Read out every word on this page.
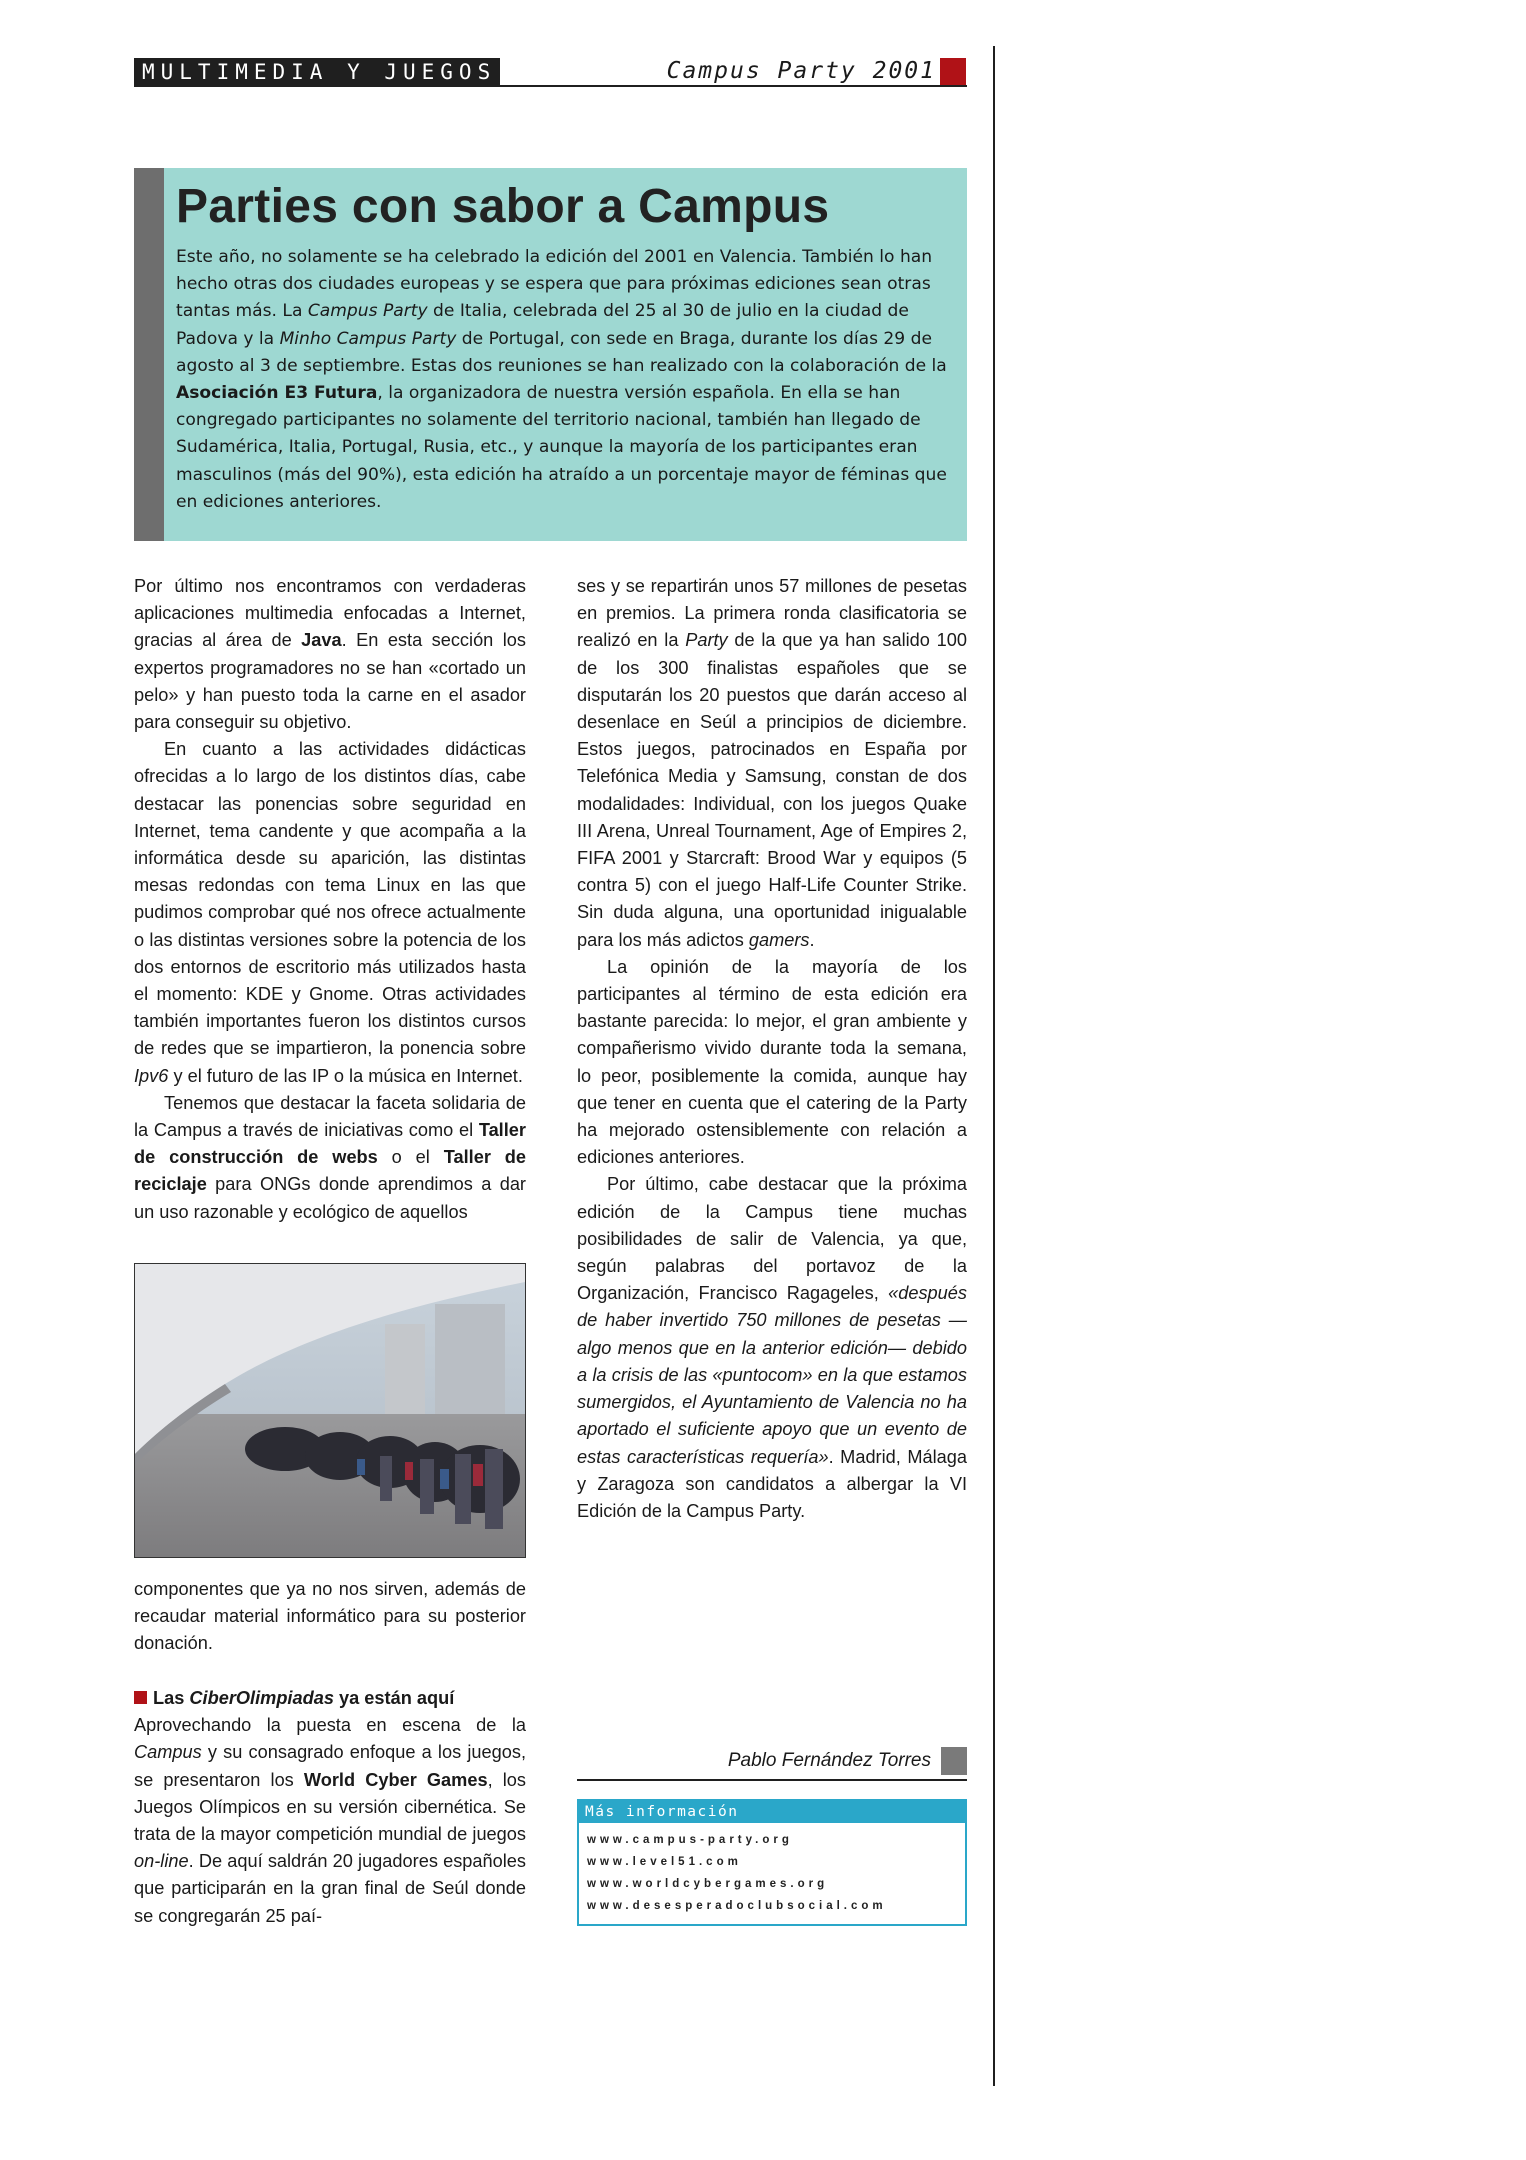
MULTIMEDIA Y JUEGOS	Campus Party 2001
Parties con sabor a Campus

Este año, no solamente se ha celebrado la edición del 2001 en Valencia. También lo han hecho otras dos ciudades europeas y se espera que para próximas ediciones sean otras tantas más. La Campus Party de Italia, celebrada del 25 al 30 de julio en la ciudad de Padova y la Minho Campus Party de Portugal, con sede en Braga, durante los días 29 de agosto al 3 de septiembre. Estas dos reuniones se han realizado con la colaboración de la Asociación E3 Futura, la organizadora de nuestra versión española. En ella se han congregado participantes no solamente del territorio nacional, también han llegado de Sudamérica, Italia, Portugal, Rusia, etc., y aunque la mayoría de los participantes eran masculinos (más del 90%), esta edición ha atraído a un porcentaje mayor de féminas que en ediciones anteriores.

Por último nos encontramos con verdaderas aplicaciones multimedia enfocadas a Internet, gracias al área de Java. En esta sección los expertos programadores no se han «cortado un pelo» y han puesto toda la carne en el asador para conseguir su objetivo.

En cuanto a las actividades didácticas ofrecidas a lo largo de los distintos días, cabe destacar las ponencias sobre seguridad en Internet, tema candente y que acompaña a la informática desde su aparición, las distintas mesas redondas con tema Linux en las que pudimos comprobar qué nos ofrece actualmente o las distintas versiones sobre la potencia de los dos entornos de escritorio más utilizados hasta el momento: KDE y Gnome. Otras actividades también importantes fueron los distintos cursos de redes que se impartieron, la ponencia sobre Ipv6 y el futuro de las IP o la música en Internet.

Tenemos que destacar la faceta solidaria de la Campus a través de iniciativas como el Taller de construcción de webs o el Taller de reciclaje para ONGs donde aprendimos a dar un uso razonable y ecológico de aquellos

componentes que ya no nos sirven, además de recaudar material informático para su posterior donación.

Las CiberOlimpiadas ya están aquí

Aprovechando la puesta en escena de la Campus y su consagrado enfoque a los juegos, se presentaron los World Cyber Games, los Juegos Olímpicos en su versión cibernética. Se trata de la mayor competición mundial de juegos on-line. De aquí saldrán 20 jugadores españoles que participarán en la gran final de Seúl donde se congregarán 25 paí-

ses y se repartirán unos 57 millones de pesetas en premios. La primera ronda clasificatoria se realizó en la Party de la que ya han salido 100 de los 300 finalistas españoles que se disputarán los 20 puestos que darán acceso al desenlace en Seúl a principios de diciembre. Estos juegos, patrocinados en España por Telefónica Media y Samsung, constan de dos modalidades: Individual, con los juegos Quake III Arena, Unreal Tournament, Age of Empires 2, FIFA 2001 y Starcraft: Brood War y equipos (5 contra 5) con el juego Half-Life Counter Strike. Sin duda alguna, una oportunidad inigualable para los más adictos gamers.

La opinión de la mayoría de los participantes al término de esta edición era bastante parecida: lo mejor, el gran ambiente y compañerismo vivido durante toda la semana, lo peor, posiblemente la comida, aunque hay que tener en cuenta que el catering de la Party ha mejorado ostensiblemente con relación a ediciones anteriores.

Por último, cabe destacar que la próxima edición de la Campus tiene muchas posibilidades de salir de Valencia, ya que, según palabras del portavoz de la Organización, Francisco Ragageles, «después de haber invertido 750 millones de pesetas —algo menos que en la anterior edición— debido a la crisis de las «puntocom» en la que estamos sumergidos, el Ayuntamiento de Valencia no ha aportado el suficiente apoyo que un evento de estas características requería». Madrid, Málaga y Zaragoza son candidatos a albergar la VI Edición de la Campus Party.

Pablo Fernández Torres
Más información
www.campus-party.org
www.level51.com
www.worldcybergames.org
www.desesperadoclubsocial.com
